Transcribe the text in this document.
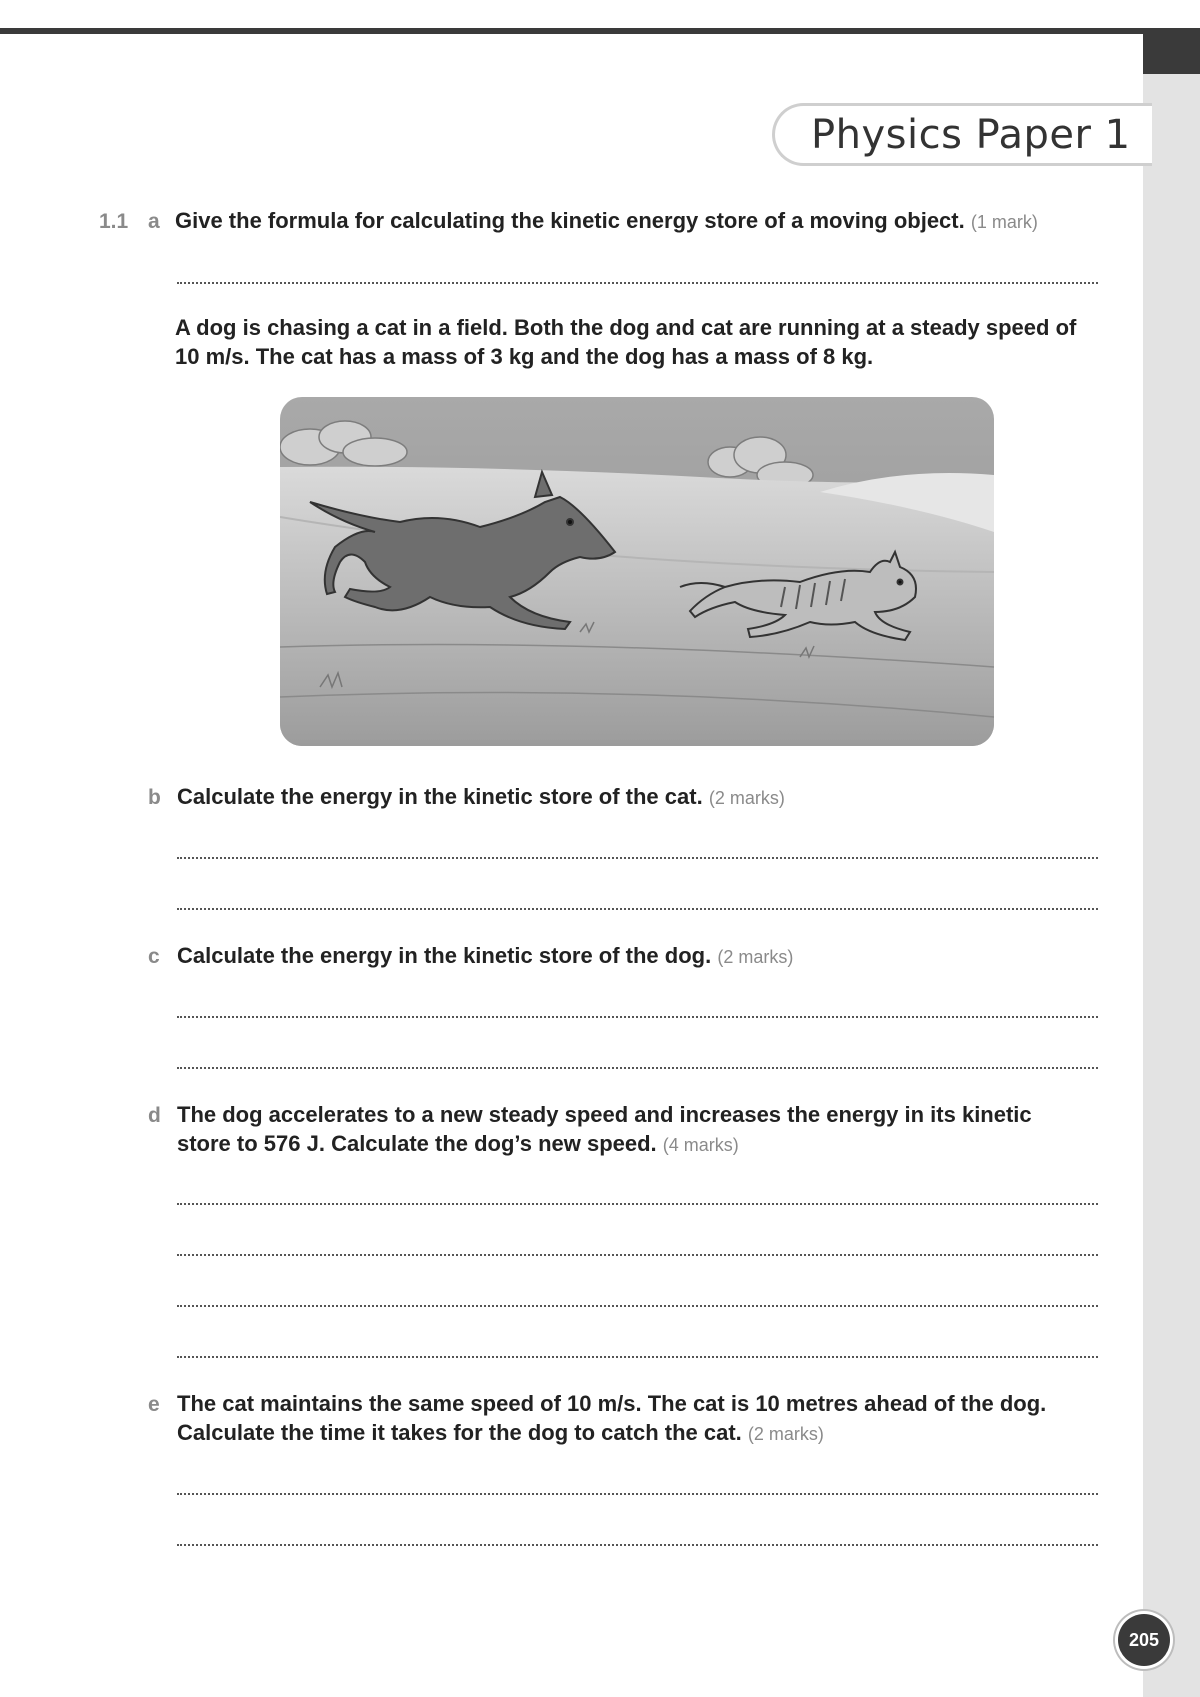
Physics Paper 1
1.1 a Give the formula for calculating the kinetic energy store of a moving object. (1 mark)
A dog is chasing a cat in a field. Both the dog and cat are running at a steady speed of
10 m/s. The cat has a mass of 3 kg and the dog has a mass of 8 kg.
b Calculate the energy in the kinetic store of the cat. (2 marks)
c Calculate the energy in the kinetic store of the dog. (2 marks)
d The dog accelerates to a new steady speed and increases the energy in its kinetic
store to 576 J. Calculate the dog’s new speed. (4 marks)
e The cat maintains the same speed of 10 m/s. The cat is 10 metres ahead of the dog.
Calculate the time it takes for the dog to catch the cat. (2 marks)
205
